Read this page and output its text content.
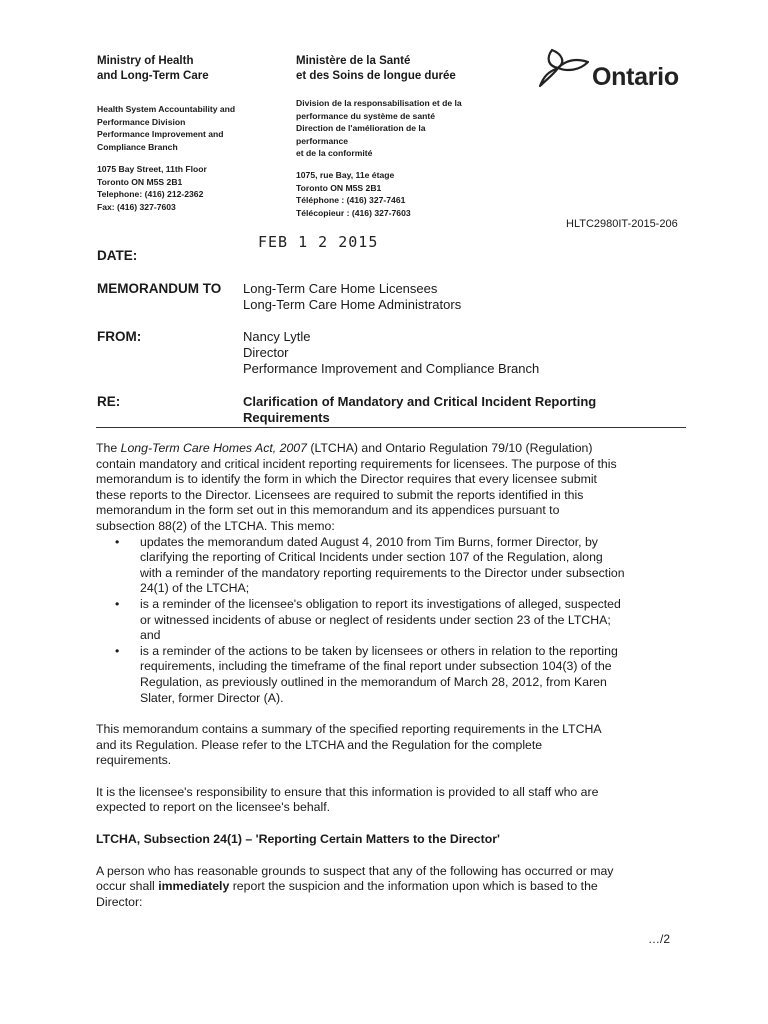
Ministry of Health
and Long-Term Care
Ministère de la Santé
et des Soins de longue durée	Ontario
Health System Accountability and
Performance Division
Performance Improvement and
Compliance Branch
Division de la responsabilisation et de la
performance du système de santé
Direction de l'amélioration de la
performance
et de la conformité
1075 Bay Street, 11th Floor
Toronto ON M5S 2B1
Telephone: (416) 212-2362
Fax: (416) 327-7603
1075, rue Bay, 11e étage
Toronto ON M5S 2B1
Téléphone : (416) 327-7461
Télécopieur : (416) 327-7603
HLTC2980IT-2015-206
FEB 1 2 2015
DATE:
MEMORANDUM TO Long-Term Care Home Licensees
Long-Term Care Home Administrators
FROM:	Nancy Lytle
Director
Performance Improvement and Compliance Branch
RE:	Clarification of Mandatory and Critical Incident Reporting
Requirements
The Long-Term Care Homes Act, 2007 (LTCHA) and Ontario Regulation 79/10 (Regulation)
contain mandatory and critical incident reporting requirements for licensees. The purpose of this
memorandum is to identify the form in which the Director requires that every licensee submit
these reports to the Director. Licensees are required to submit the reports identified in this
memorandum in the form set out in this memorandum and its appendices pursuant to
subsection 88(2) of the LTCHA. This memo:
• updates the memorandum dated August 4, 2010 from Tim Burns, former Director, by
clarifying the reporting of Critical Incidents under section 107 of the Regulation, along
with a reminder of the mandatory reporting requirements to the Director under subsection
24(1) of the LTCHA;
• is a reminder of the licensee's obligation to report its investigations of alleged, suspected
or witnessed incidents of abuse or neglect of residents under section 23 of the LTCHA;
and
• is a reminder of the actions to be taken by licensees or others in relation to the reporting
requirements, including the timeframe of the final report under subsection 104(3) of the
Regulation, as previously outlined in the memorandum of March 28, 2012, from Karen
Slater, former Director (A).
This memorandum contains a summary of the specified reporting requirements in the LTCHA
and its Regulation. Please refer to the LTCHA and the Regulation for the complete
requirements.
It is the licensee's responsibility to ensure that this information is provided to all staff who are
expected to report on the licensee's behalf.
LTCHA, Subsection 24(1) – 'Reporting Certain Matters to the Director'
A person who has reasonable grounds to suspect that any of the following has occurred or may
occur shall immediately report the suspicion and the information upon which is based to the
Director:
…/2
